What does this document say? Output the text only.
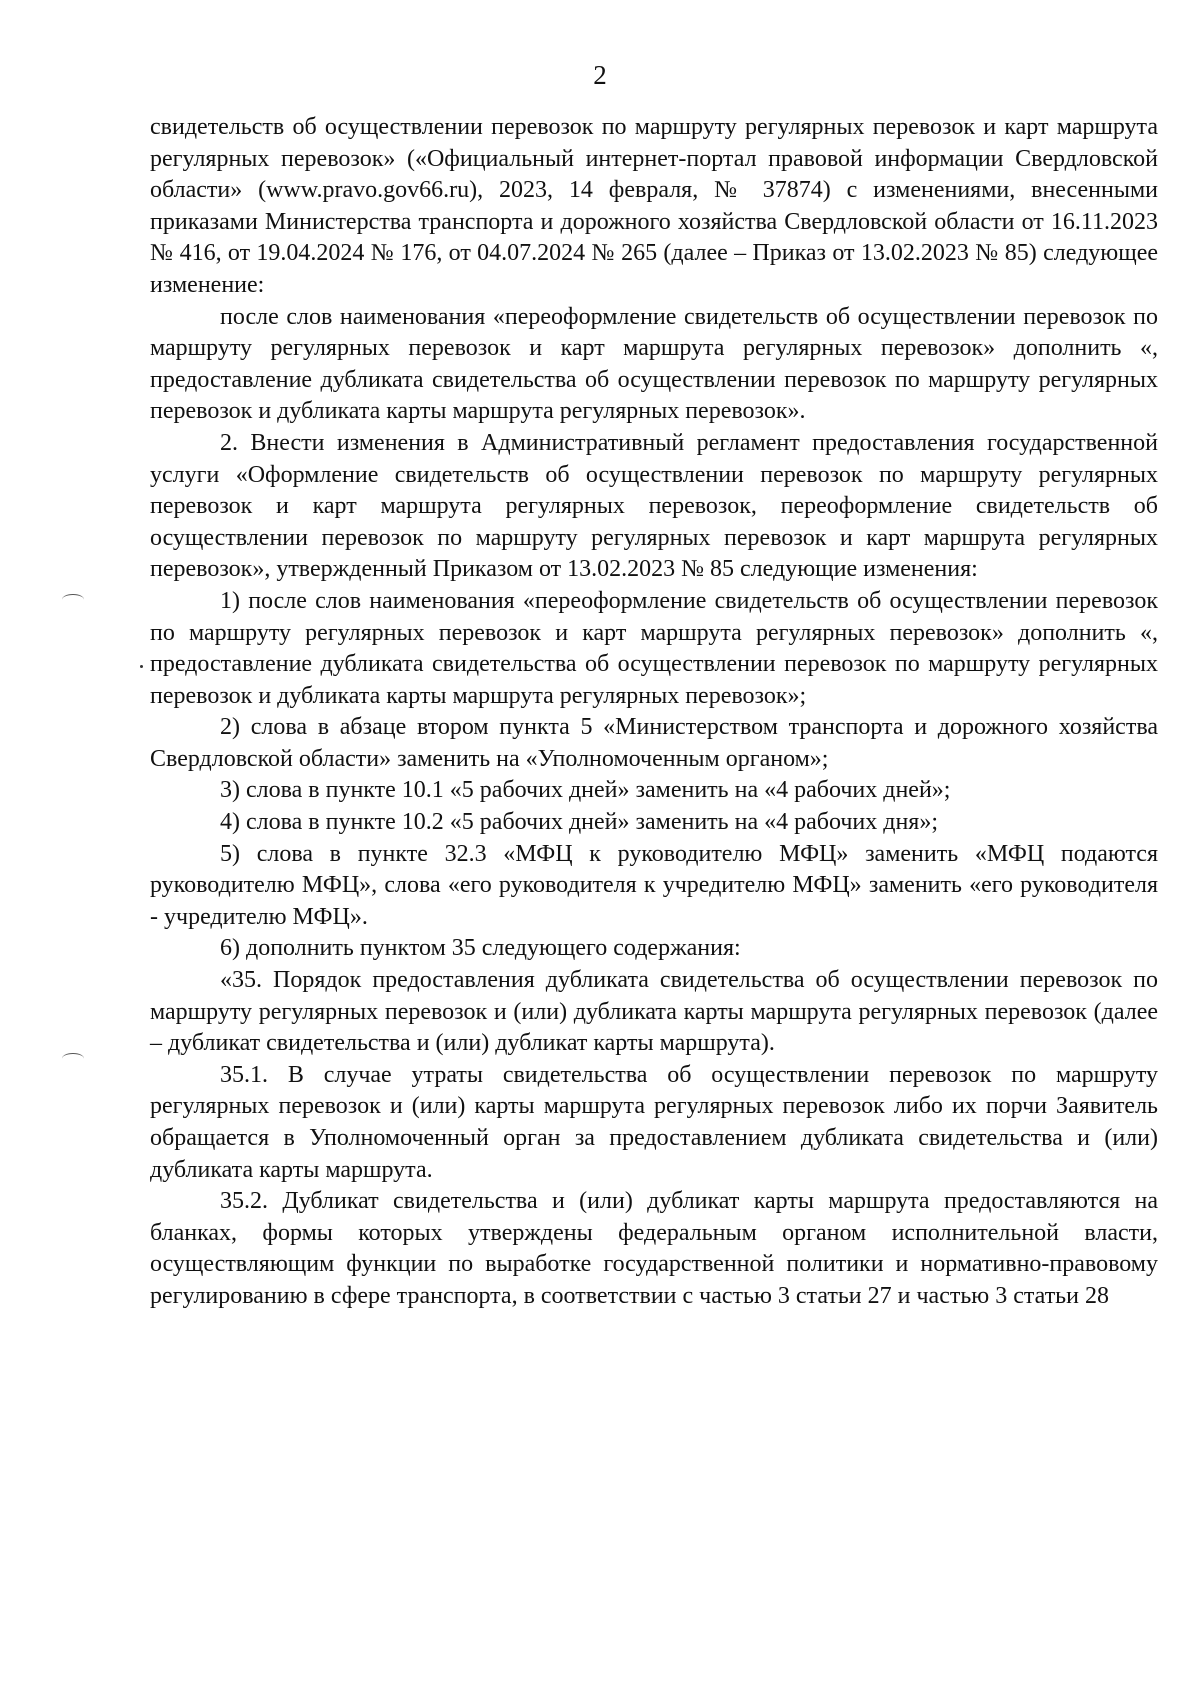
2

свидетельств об осуществлении перевозок по маршруту регулярных перевозок и карт маршрута регулярных перевозок» («Официальный интернет-портал правовой информации Свердловской области» (www.pravo.gov66.ru), 2023, 14 февраля, № 37874) с изменениями, внесенными приказами Министерства транспорта и дорожного хозяйства Свердловской области от 16.11.2023 № 416, от 19.04.2024 № 176, от 04.07.2024 № 265 (далее – Приказ от 13.02.2023 № 85) следующее изменение:

после слов наименования «переоформление свидетельств об осуществлении перевозок по маршруту регулярных перевозок и карт маршрута регулярных перевозок» дополнить «, предоставление дубликата свидетельства об осуществлении перевозок по маршруту регулярных перевозок и дубликата карты маршрута регулярных перевозок».

2. Внести изменения в Административный регламент предоставления государственной услуги «Оформление свидетельств об осуществлении перевозок по маршруту регулярных перевозок и карт маршрута регулярных перевозок, переоформление свидетельств об осуществлении перевозок по маршруту регулярных перевозок и карт маршрута регулярных перевозок», утвержденный Приказом от 13.02.2023 № 85 следующие изменения:

1) после слов наименования «переоформление свидетельств об осуществлении перевозок по маршруту регулярных перевозок и карт маршрута регулярных перевозок» дополнить «, предоставление дубликата свидетельства об осуществлении перевозок по маршруту регулярных перевозок и дубликата карты маршрута регулярных перевозок»;

2) слова в абзаце втором пункта 5 «Министерством транспорта и дорожного хозяйства Свердловской области» заменить на «Уполномоченным органом»;

3) слова в пункте 10.1 «5 рабочих дней» заменить на «4 рабочих дней»;

4) слова в пункте 10.2 «5 рабочих дней» заменить на «4 рабочих дня»;

5) слова в пункте 32.3 «МФЦ к руководителю МФЦ» заменить «МФЦ подаются руководителю МФЦ», слова «его руководителя к учредителю МФЦ» заменить «его руководителя - учредителю МФЦ».

6) дополнить пунктом 35 следующего содержания:

«35. Порядок предоставления дубликата свидетельства об осуществлении перевозок по маршруту регулярных перевозок и (или) дубликата карты маршрута регулярных перевозок (далее – дубликат свидетельства и (или) дубликат карты маршрута).

35.1. В случае утраты свидетельства об осуществлении перевозок по маршруту регулярных перевозок и (или) карты маршрута регулярных перевозок либо их порчи Заявитель обращается в Уполномоченный орган за предоставлением дубликата свидетельства и (или) дубликата карты маршрута.

35.2. Дубликат свидетельства и (или) дубликат карты маршрута предоставляются на бланках, формы которых утверждены федеральным органом исполнительной власти, осуществляющим функции по выработке государственной политики и нормативно-правовому регулированию в сфере транспорта, в соответствии с частью 3 статьи 27 и частью 3 статьи 28
